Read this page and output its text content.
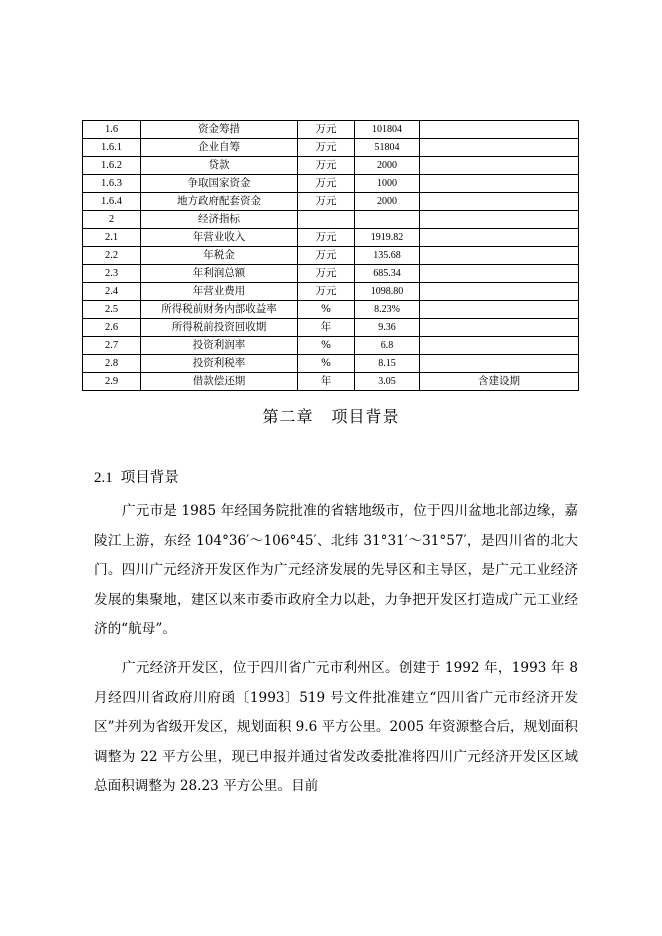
1.6	资金筹措	万元	101804	
1.6.1	企业自筹	万元	51804	
1.6.2	贷款	万元	2000	
1.6.3	争取国家资金	万元	1000	
1.6.4	地方政府配套资金	万元	2000	
2	经济指标			
2.1	年营业收入	万元	1919.82	
2.2	年税金	万元	135.68	
2.3	年利润总额	万元	685.34	
2.4	年营业费用	万元	1098.80	
2.5	所得税前财务内部收益率	%	8.23%	
2.6	所得税前投资回收期	年	9.36	
2.7	投资利润率	%	6.8	
2.8	投资利税率	%	8.15	
2.9	借款偿还期	年	3.05	含建设期
第二章 项目背景
2.1 项目背景

广元市是 1985 年经国务院批准的省辖地级市，位于四川盆地北部边缘，嘉陵江上游，东经 104°36′～106°45′、北纬 31°31′～31°57′，是四川省的北大门。四川广元经济开发区作为广元经济发展的先导区和主导区，是广元工业经济发展的集聚地，建区以来市委市政府全力以赴，力争把开发区打造成广元工业经济的“航母”。

广元经济开发区，位于四川省广元市利州区。创建于 1992 年，1993 年 8 月经四川省政府川府函〔1993〕519 号文件批准建立“四川省广元市经济开发区”并列为省级开发区，规划面积 9.6 平方公里。2005 年资源整合后，规划面积调整为 22 平方公里，现已申报并通过省发改委批准将四川广元经济开发区区域总面积调整为 28.23 平方公里。目前
